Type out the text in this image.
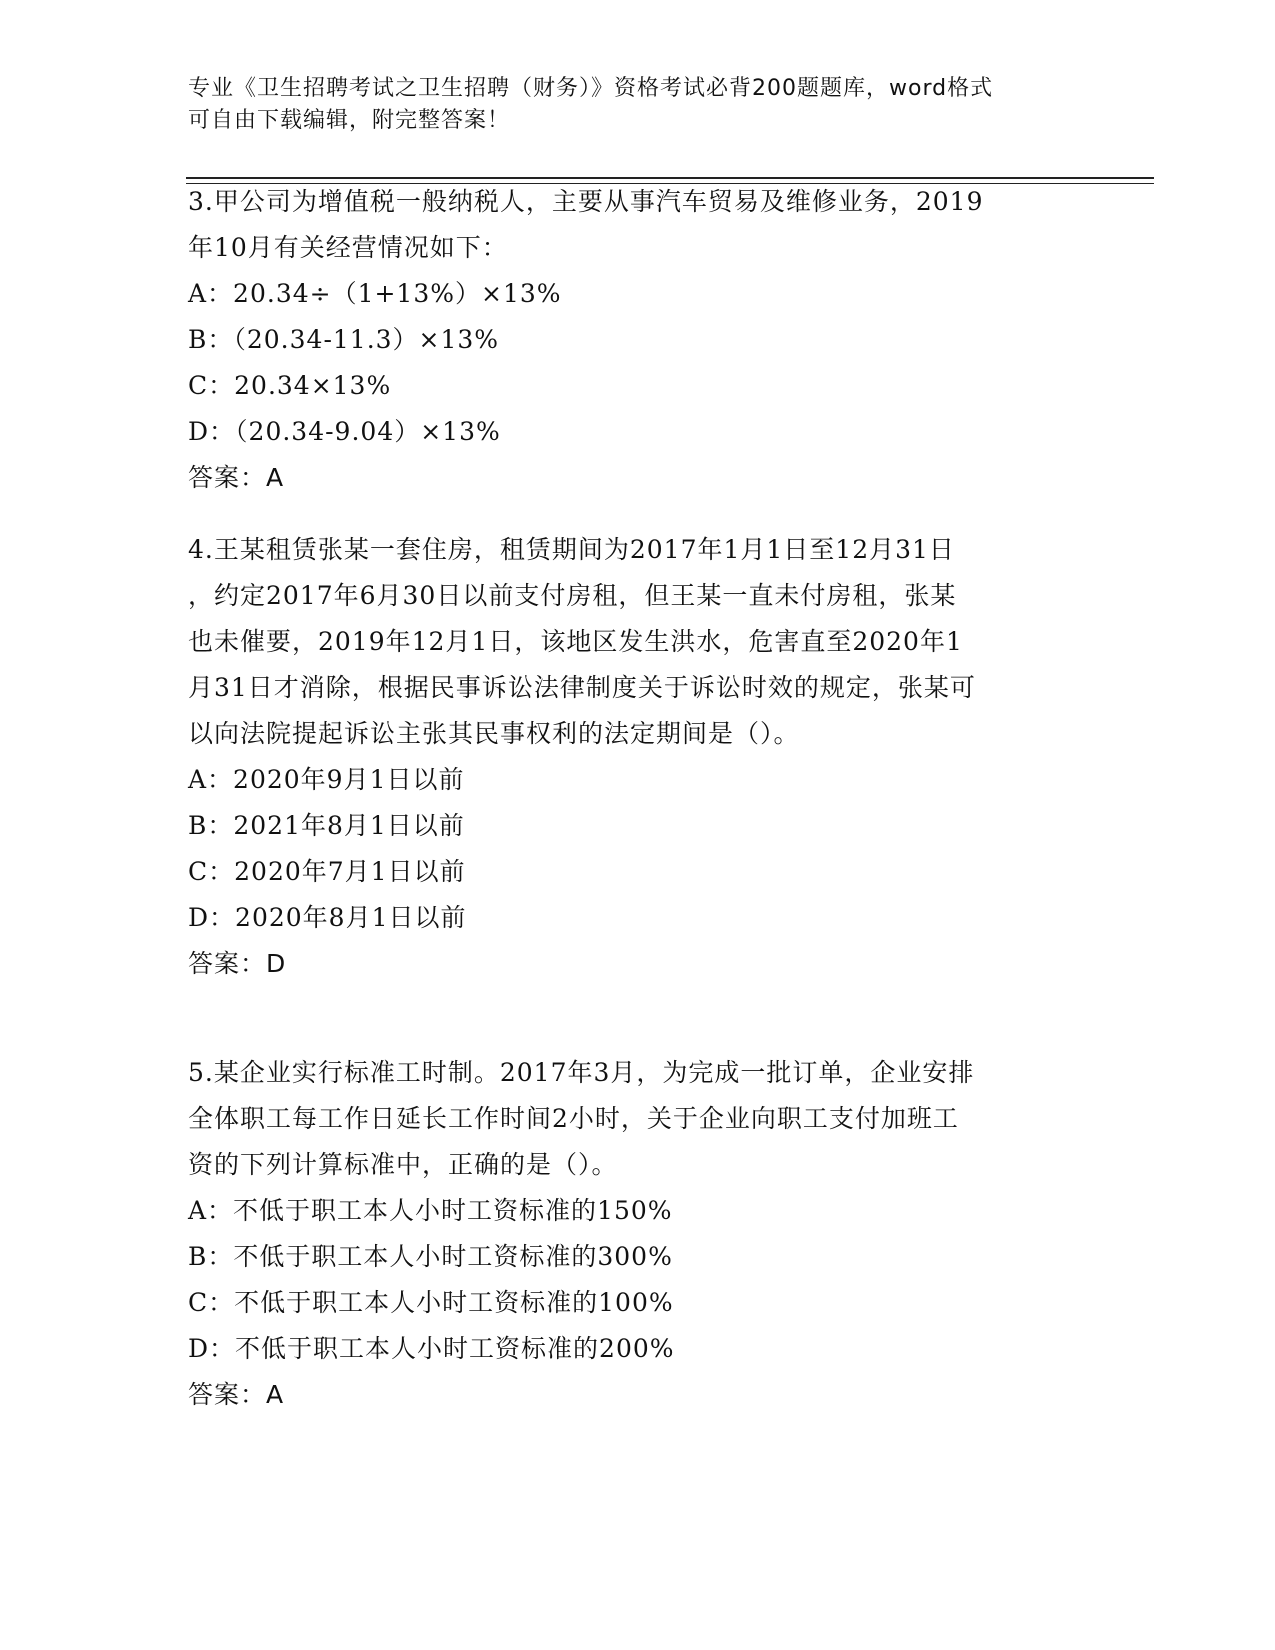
专业《卫生招聘考试之卫生招聘（财务）》资格考试必背200题题库，word格式
可自由下载编辑，附完整答案！
3.甲公司为增值税一般纳税人，主要从事汽车贸易及维修业务，2019
年10月有关经营情况如下：
A：20.34÷（1+13%）×13%
B：（20.34-11.3）×13%
C：20.34×13%
D：（20.34-9.04）×13%
答案：A
4.王某租赁张某一套住房，租赁期间为2017年1月1日至12月31日
，约定2017年6月30日以前支付房租，但王某一直未付房租，张某
也未催要，2019年12月1日，该地区发生洪水，危害直至2020年1
月31日才消除，根据民事诉讼法律制度关于诉讼时效的规定，张某可
以向法院提起诉讼主张其民事权利的法定期间是（）。
A：2020年9月1日以前
B：2021年8月1日以前
C：2020年7月1日以前
D：2020年8月1日以前
答案：D
5.某企业实行标准工时制。2017年3月，为完成一批订单，企业安排
全体职工每工作日延长工作时间2小时，关于企业向职工支付加班工
资的下列计算标准中，正确的是（）。
A：不低于职工本人小时工资标准的150%
B：不低于职工本人小时工资标准的300%
C：不低于职工本人小时工资标准的100%
D：不低于职工本人小时工资标准的200%
答案：A
